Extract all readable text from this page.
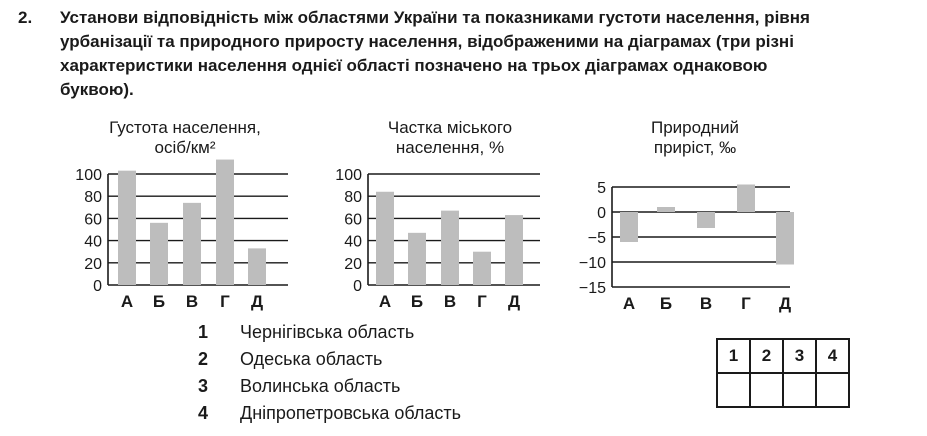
2. Установи відповідність між областями України та показниками густоти населення, рівня
урбанізації та природного приросту населення, відображеними на діаграмах (три різні
характеристики населення однієї області позначено на трьох діаграмах однаковою
буквою).
Густота населення,
осіб/км²
Частка міського
населення, %
Природний
приріст, ‰
100
80
60
40
20
0
А Б В Г Д
100
80
60
40
20
0
А Б В Г Д
5
0
−5
−10
−15
А Б В Г Д
1 Чернігівська область
2 Одеська область
3 Волинська область
4 Дніпропетровська область
1	2	3	4
